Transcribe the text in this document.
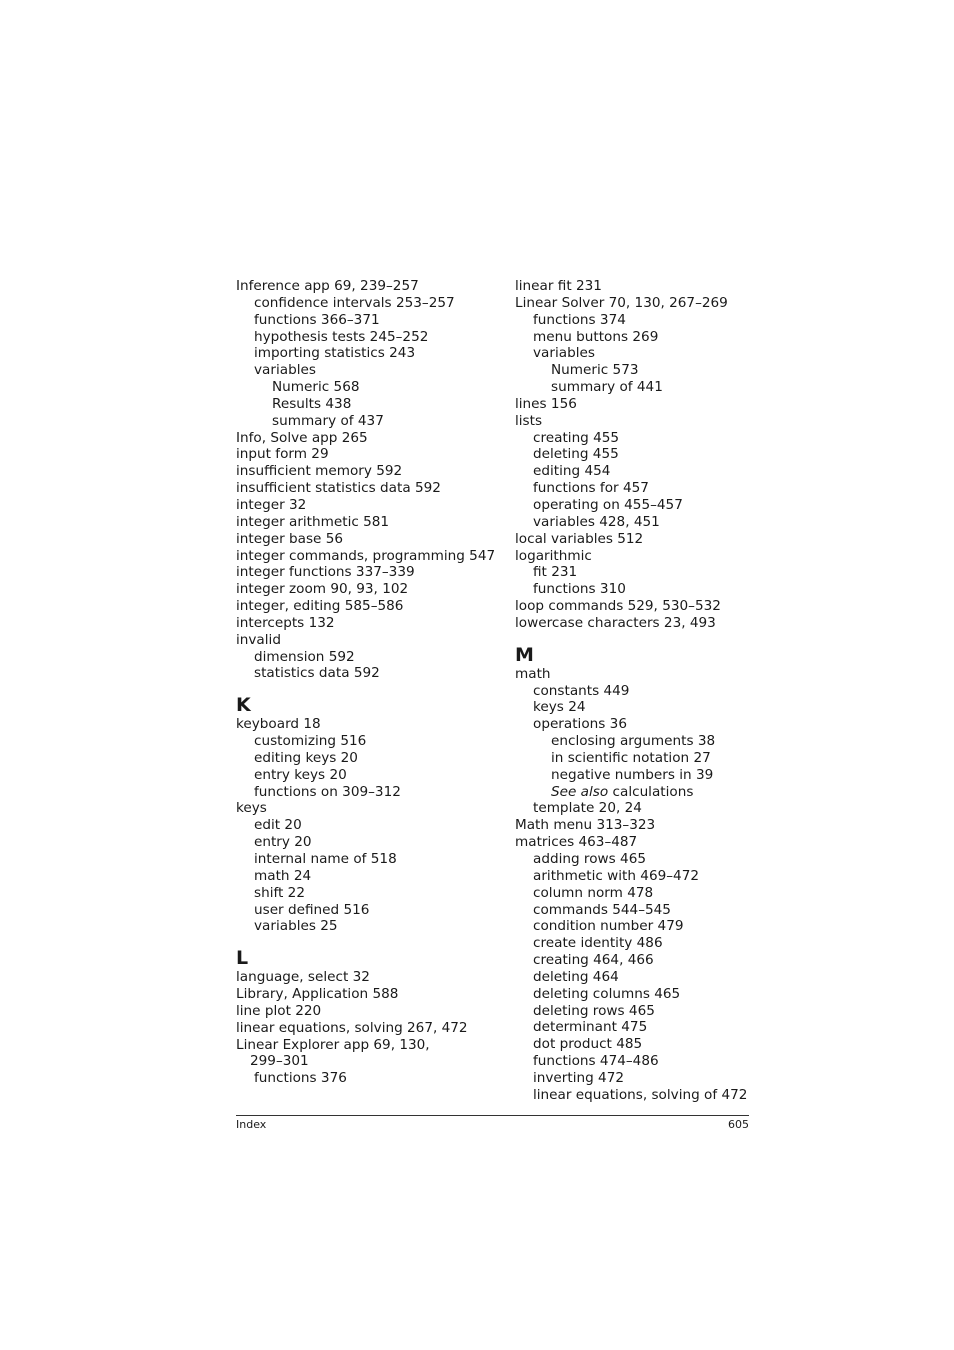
Inference app 69, 239–257
confidence intervals 253–257
functions 366–371
hypothesis tests 245–252
importing statistics 243
variables
Numeric 568
Results 438
summary of 437
Info, Solve app 265
input form 29
insufficient memory 592
insufficient statistics data 592
integer 32
integer arithmetic 581
integer base 56
integer commands, programming 547
integer functions 337–339
integer zoom 90, 93, 102
integer, editing 585–586
intercepts 132
invalid
dimension 592
statistics data 592
K
keyboard 18
customizing 516
editing keys 20
entry keys 20
functions on 309–312
keys
edit 20
entry 20
internal name of 518
math 24
shift 22
user defined 516
variables 25
L
language, select 32
Library, Application 588
line plot 220
linear equations, solving 267, 472
Linear Explorer app 69, 130,
299–301
functions 376
linear fit 231
Linear Solver 70, 130, 267–269
functions 374
menu buttons 269
variables
Numeric 573
summary of 441
lines 156
lists
creating 455
deleting 455
editing 454
functions for 457
operating on 455–457
variables 428, 451
local variables 512
logarithmic
fit 231
functions 310
loop commands 529, 530–532
lowercase characters 23, 493
M
math
constants 449
keys 24
operations 36
enclosing arguments 38
in scientific notation 27
negative numbers in 39
See also calculations
template 20, 24
Math menu 313–323
matrices 463–487
adding rows 465
arithmetic with 469–472
column norm 478
commands 544–545
condition number 479
create identity 486
creating 464, 466
deleting 464
deleting columns 465
deleting rows 465
determinant 475
dot product 485
functions 474–486
inverting 472
linear equations, solving of 472
Index	605
